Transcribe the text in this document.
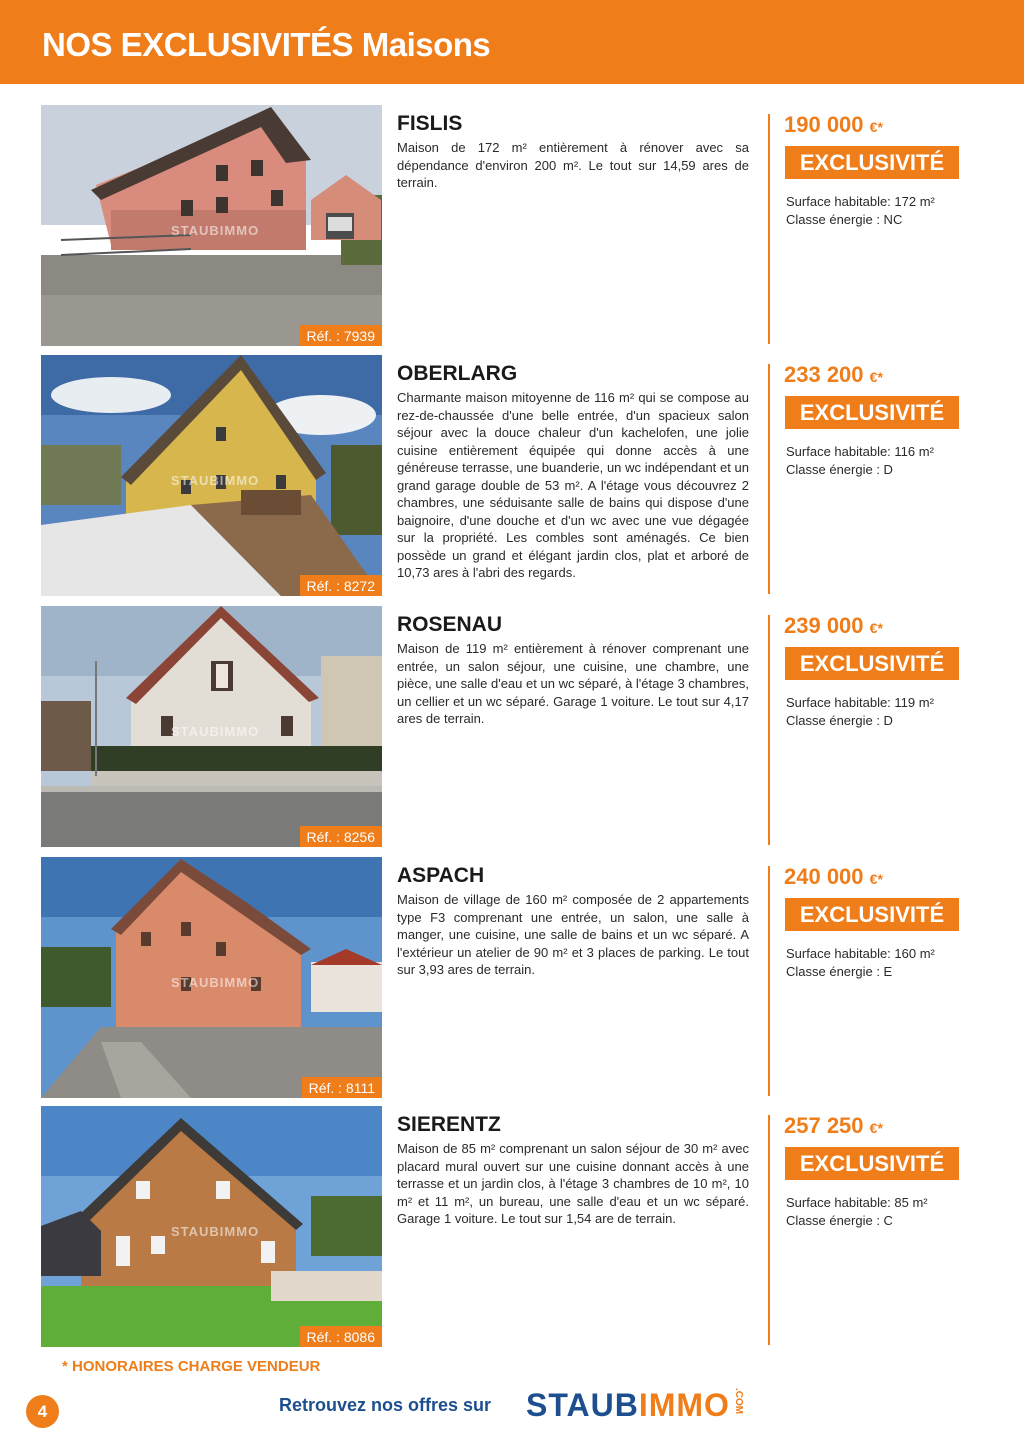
NOS EXCLUSIVITÉS Maisons
STAUBIMMO
Réf. : 7939
FISLIS
Maison de 172 m² entièrement à rénover avec sa dépendance d'environ 200 m². Le tout sur 14,59 ares de terrain.
190 000 €*
EXCLUSIVITÉ
Surface habitable: 172 m²
Classe énergie : NC
STAUBIMMO
Réf. : 8272
OBERLARG
Charmante maison mitoyenne de 116 m² qui se compose au rez-de-chaussée d'une belle entrée, d'un spacieux salon séjour avec la douce chaleur d'un kachelofen, une jolie cuisine entièrement équipée qui donne accès à une généreuse terrasse, une buanderie, un wc indépendant et un grand garage double de 53 m². A l'étage vous découvrez 2 chambres, une séduisante salle de bains qui dispose d'une baignoire, d'une douche et d'un wc avec une vue dégagée sur la propriété. Les combles sont aménagés. Ce bien possède un grand et élégant jardin clos, plat et arboré de 10,73 ares à l'abri des regards.
233 200 €*
EXCLUSIVITÉ
Surface habitable: 116 m²
Classe énergie : D
STAUBIMMO
Réf. : 8256
ROSENAU
Maison de 119 m² entièrement à rénover comprenant une entrée, un salon séjour, une cuisine, une chambre, une pièce, une salle d'eau et un wc séparé, à l'étage 3 chambres, un cellier et un wc séparé. Garage 1 voiture. Le tout sur 4,17 ares de terrain.
239 000 €*
EXCLUSIVITÉ
Surface habitable: 119 m²
Classe énergie : D
STAUBIMMO
Réf. : 8111
ASPACH
Maison de village de 160 m² composée de 2 appartements type F3 comprenant une entrée, un salon, une salle à manger, une cuisine, une salle de bains et un wc séparé. A l'extérieur un atelier de 90 m² et 3 places de parking. Le tout sur 3,93 ares de terrain.
240 000 €*
EXCLUSIVITÉ
Surface habitable: 160 m²
Classe énergie : E
STAUBIMMO
Réf. : 8086
SIERENTZ
Maison de 85 m² comprenant un salon séjour de 30 m² avec placard mural ouvert sur une cuisine donnant accès à une terrasse et un jardin clos, à l'étage 3 chambres de 10 m², 10 m² et 11 m², un bureau, une salle d'eau et un wc séparé. Garage 1 voiture. Le tout sur 1,54 are de terrain.
257 250 €*
EXCLUSIVITÉ
Surface habitable: 85 m²
Classe énergie : C
* HONORAIRES CHARGE VENDEUR
4	Retrouvez nos offres sur STAUBIMMO .COM
